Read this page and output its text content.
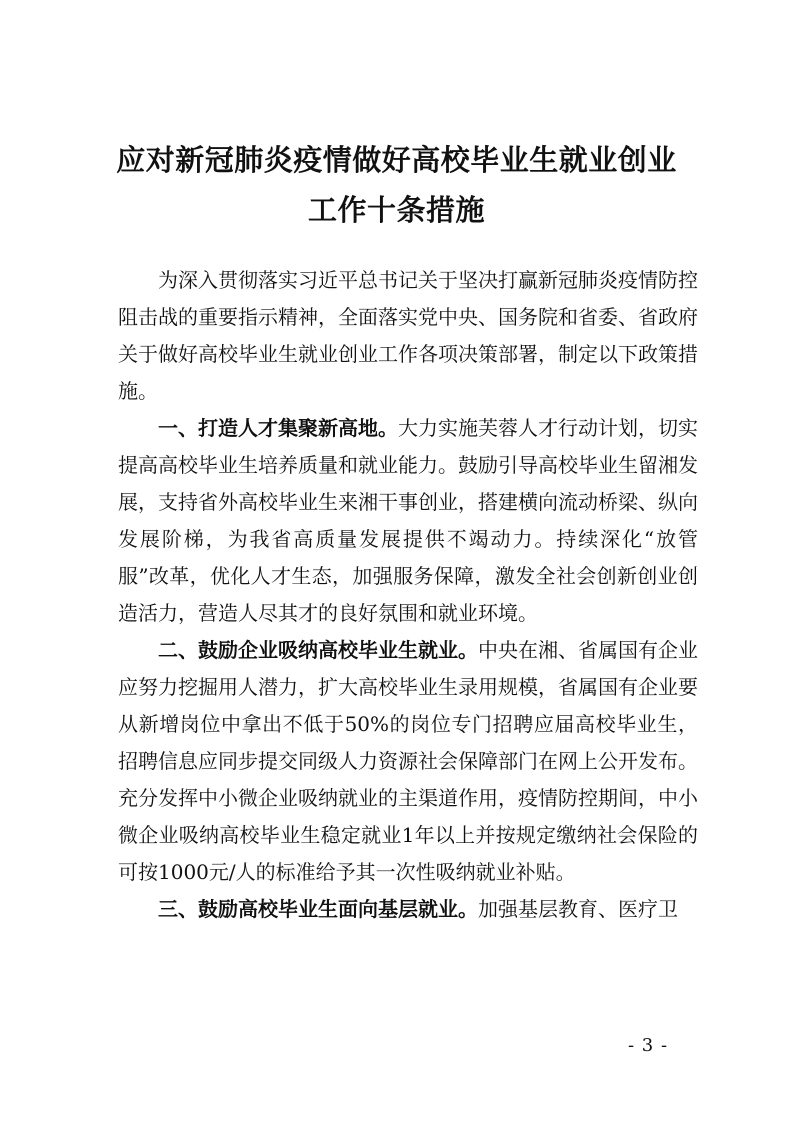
应对新冠肺炎疫情做好高校毕业生就业创业
工作十条措施

为深入贯彻落实习近平总书记关于坚决打赢新冠肺炎疫情防控阻击战的重要指示精神，全面落实党中央、国务院和省委、省政府关于做好高校毕业生就业创业工作各项决策部署，制定以下政策措施。

一、打造人才集聚新高地。大力实施芙蓉人才行动计划，切实提高高校毕业生培养质量和就业能力。鼓励引导高校毕业生留湘发展，支持省外高校毕业生来湘干事创业，搭建横向流动桥梁、纵向发展阶梯，为我省高质量发展提供不竭动力。持续深化“放管服”改革，优化人才生态，加强服务保障，激发全社会创新创业创造活力，营造人尽其才的良好氛围和就业环境。

二、鼓励企业吸纳高校毕业生就业。中央在湘、省属国有企业应努力挖掘用人潜力，扩大高校毕业生录用规模，省属国有企业要从新增岗位中拿出不低于50%的岗位专门招聘应届高校毕业生，招聘信息应同步提交同级人力资源社会保障部门在网上公开发布。充分发挥中小微企业吸纳就业的主渠道作用，疫情防控期间，中小微企业吸纳高校毕业生稳定就业1年以上并按规定缴纳社会保险的可按1000元/人的标准给予其一次性吸纳就业补贴。

三、鼓励高校毕业生面向基层就业。加强基层教育、医疗卫

- 3 -
